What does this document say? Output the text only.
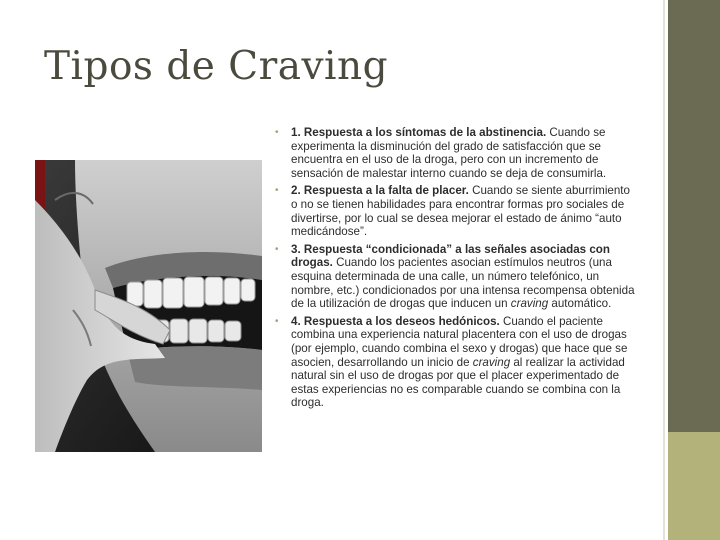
Tipos de Craving
• 1. Respuesta a los síntomas de la abstinencia. Cuando se experimenta la disminución del grado de satisfacción que se encuentra en el uso de la droga, pero con un incremento de sensación de malestar interno cuando se deja de consumirla.
• 2. Respuesta a la falta de placer. Cuando se siente aburrimiento o no se tienen habilidades para encontrar formas pro sociales de divertirse, por lo cual se desea mejorar el estado de ánimo “auto medicándose”.
• 3. Respuesta “condicionada” a las señales asociadas con drogas. Cuando los pacientes asocian estímulos neutros (una esquina determinada de una calle, un número telefónico, un nombre, etc.) condicionados por una intensa recompensa obtenida de la utilización de drogas que inducen un craving automático.
• 4. Respuesta a los deseos hedónicos. Cuando el paciente combina una experiencia natural placentera con el uso de drogas (por ejemplo, cuando combina el sexo y drogas) que hace que se asocien, desarrollando un inicio de craving al realizar la actividad natural sin el uso de drogas por que el placer experimentado de estas experiencias no es comparable cuando se combina con la droga.
